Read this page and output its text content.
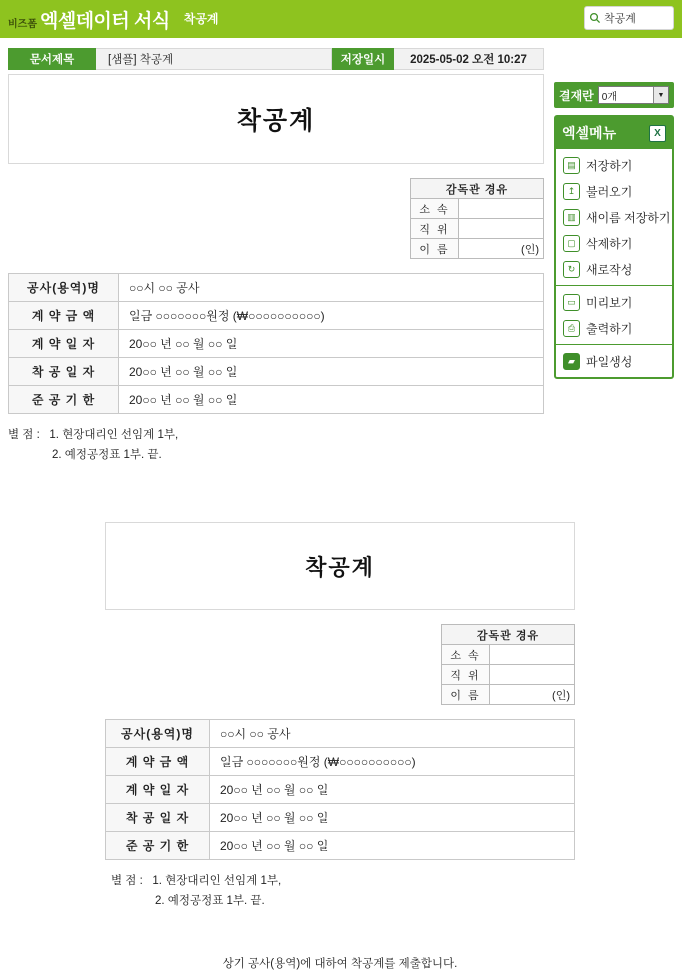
비즈폼 엑셀데이터 서식 착공계	착공계
문서제목	[샘플] 착공계	저장일시	2025-05-02 오전 10:27
결재란 0개	▼
엑셀메뉴	X
▤ 저장하기
↥ 불러오기
▥ 새이름 저장하기
▢ 삭제하기
↻ 새로작성
▭ 미리보기
⎙ 출력하기
▰ 파일생성
착공계
감독관 경유	
소 속	
직 위	
이 름	(인)
공사(용역)명	○○시 ○○ 공사
계 약 금 액	일금 ○○○○○○○원정 (₩○○○○○○○○○○)
계 약 일 자	20○○ 년 ○○ 월 ○○ 일
착 공 일 자	20○○ 년 ○○ 월 ○○ 일
준 공 기 한	20○○ 년 ○○ 월 ○○ 일
별 점 : 1. 현장대리인 선임계 1부,
2. 예정공정표 1부. 끝.
착공계
감독관 경유	
소 속	
직 위	
이 름	(인)
공사(용역)명	○○시 ○○ 공사
계 약 금 액	일금 ○○○○○○○원정 (₩○○○○○○○○○○)
계 약 일 자	20○○ 년 ○○ 월 ○○ 일
착 공 일 자	20○○ 년 ○○ 월 ○○ 일
준 공 기 한	20○○ 년 ○○ 월 ○○ 일
별 점 : 1. 현장대리인 선임계 1부,
2. 예정공정표 1부. 끝.
상기 공사(용역)에 대하여 착공계를 제출합니다.
